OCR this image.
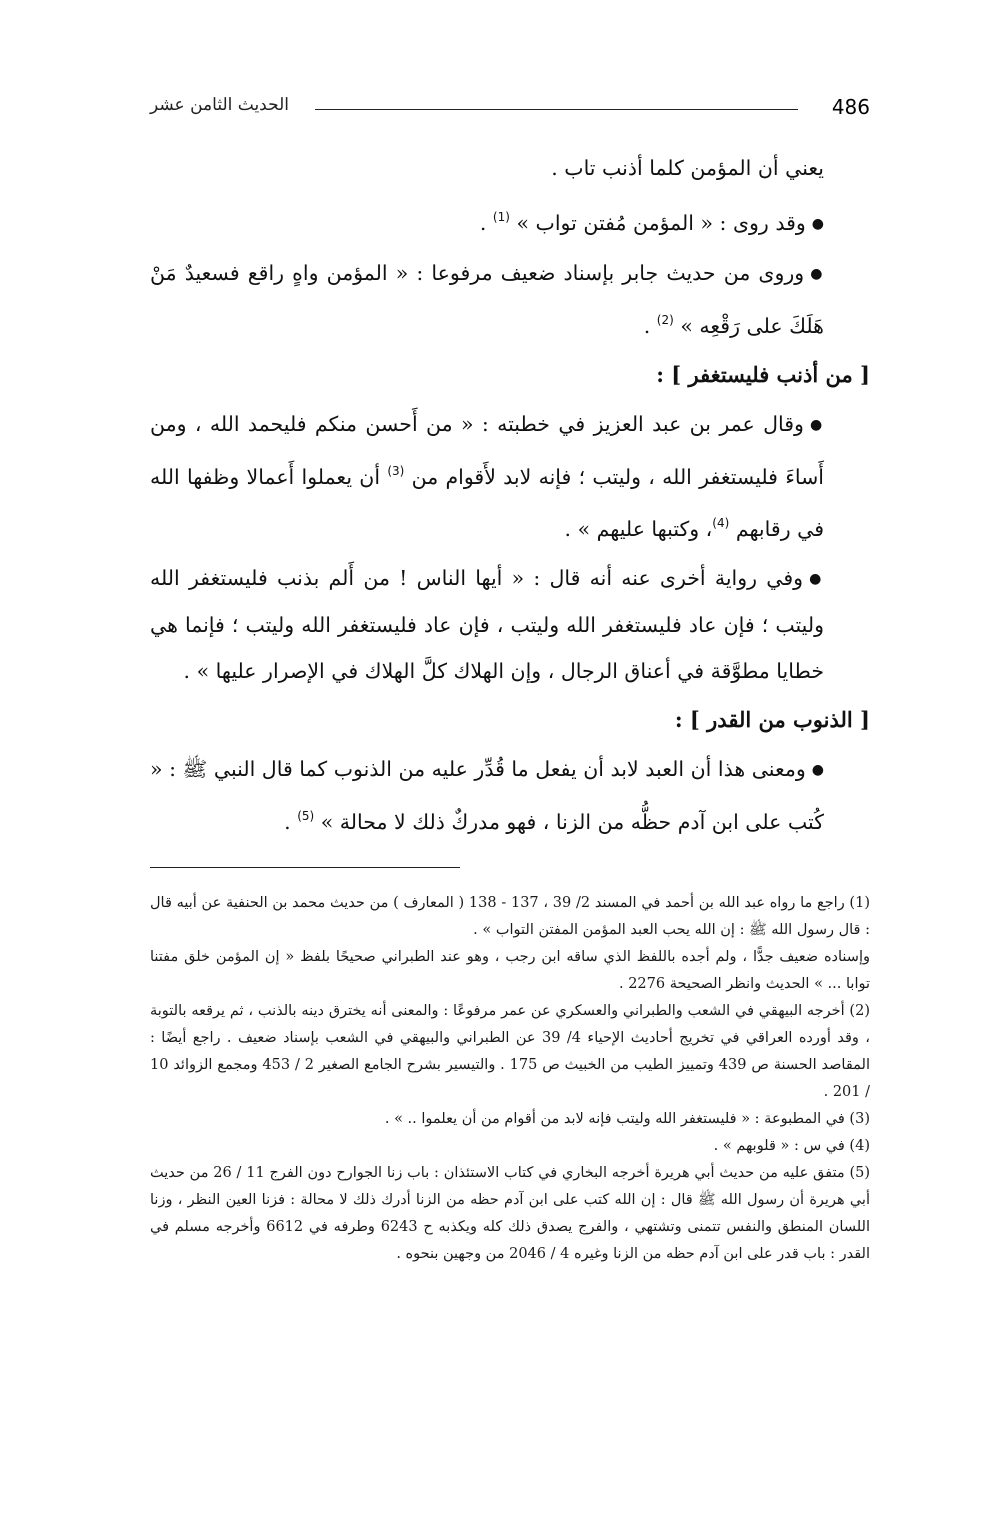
486
الحديث الثامن عشر

يعني أن المؤمن كلما أذنب تاب .

●وقد روى : « المؤمن مُفتن تواب » $^{(1)}$ .

●وروى من حديث جابر بإسناد ضعيف مرفوعا : « المؤمن واهٍ راقع فسعيدٌ مَنْ هَلَكَ على رَقْعِه » $^{(2)}$ .

[ من أذنب فليستغفر ] :

●وقال عمر بن عبد العزيز في خطبته : « من أَحسن منكم فليحمد الله ، ومن أَساءَ فليستغفر الله ، وليتب ؛ فإنه لابد لأَقوام من $^{(3)}$ أن يعملوا أَعمالا وظفها الله في رقابهم $^{(4)}$، وكتبها عليهم » .

●وفي رواية أخرى عنه أنه قال : « أيها الناس ! من أَلم بذنب فليستغفر الله وليتب ؛ فإن عاد فليستغفر الله وليتب ، فإن عاد فليستغفر الله وليتب ؛ فإنما هي خطايا مطوَّقة في أعناق الرجال ، وإن الهلاك كلَّ الهلاك في الإصرار عليها » .

[ الذنوب من القدر ] :

●ومعنى هذا أن العبد لابد أن يفعل ما قُدِّر عليه من الذنوب كما قال النبي ﷺ : « كُتب على ابن آدم حظُّه من الزنا ، فهو مدركٌ ذلك لا محالة » $^{(5)}$ .

(1) راجع ما رواه عبد الله بن أحمد في المسند 2/ 39 ، 137 - 138 ( المعارف ) من حديث محمد بن الحنفية عن أبيه قال : قال رسول الله ﷺ : إن الله يحب العبد المؤمن المفتن التواب » .

وإسناده ضعيف جدًّا ، ولم أجده باللفظ الذي ساقه ابن رجب ، وهو عند الطبراني صحيحًا بلفظ « إن المؤمن خلق مفتنا توابا ... » الحديث وانظر الصحيحة 2276 .

(2) أخرجه البيهقي في الشعب والطبراني والعسكري عن عمر مرفوعًا : والمعنى أنه يخترق دينه بالذنب ، ثم يرقعه بالتوبة ، وقد أورده العراقي في تخريج أحاديث الإحياء 4/ 39 عن الطبراني والبيهقي في الشعب بإسناد ضعيف . راجع أيضًا : المقاصد الحسنة ص 439 وتمييز الطيب من الخبيث ص 175 . والتيسير بشرح الجامع الصغير 2 / 453 ومجمع الزوائد 10 / 201 .

(3) في المطبوعة : « فليستغفر الله وليتب فإنه لابد من أقوام من أن يعلموا .. » .

(4) في س : « قلوبهم » .

(5) متفق عليه من حديث أبي هريرة أخرجه البخاري في كتاب الاستئذان : باب زنا الجوارح دون الفرج 11 / 26 من حديث أبي هريرة أن رسول الله ﷺ قال : إن الله كتب على ابن آدم حظه من الزنا أدرك ذلك لا محالة : فزنا العين النظر ، وزنا اللسان المنطق والنفس تتمنى وتشتهي ، والفرج يصدق ذلك كله ويكذبه ح 6243 وطرفه في 6612 وأخرجه مسلم في القدر : باب قدر على ابن آدم حظه من الزنا وغيره 4 / 2046 من وجهين بنحوه .
